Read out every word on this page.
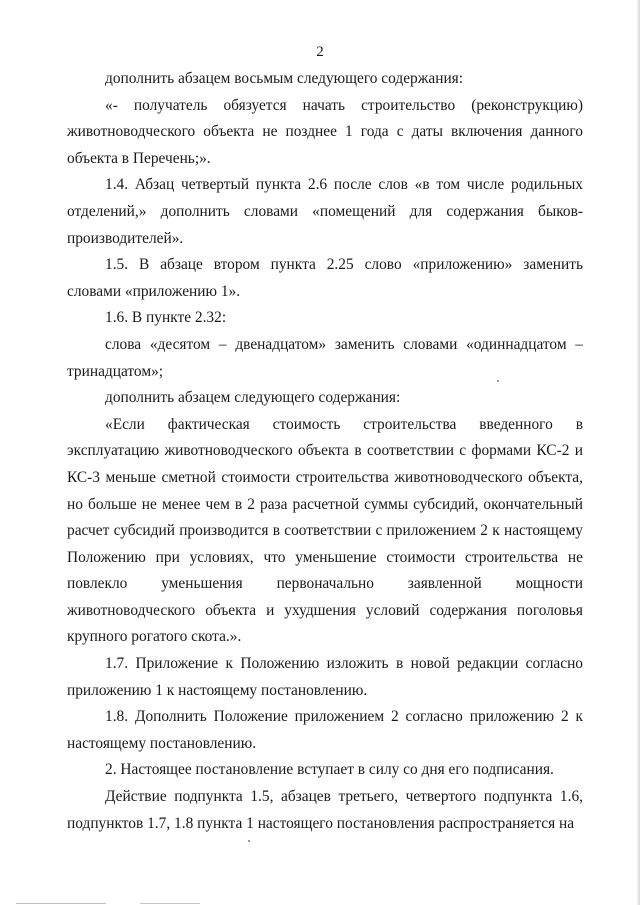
2

дополнить абзацем восьмым следующего содержания:

«- получатель обязуется начать строительство (реконструкцию) животноводческого объекта не позднее 1 года с даты включения данного объекта в Перечень;».

1.4. Абзац четвертый пункта 2.6 после слов «в том числе родильных отделений,» дополнить словами «помещений для содержания быков-производителей».

1.5. В абзаце втором пункта 2.25 слово «приложению» заменить словами «приложению 1».

1.6. В пункте 2.32:

слова «десятом – двенадцатом» заменить словами «одиннадцатом – тринадцатом»;

дополнить абзацем следующего содержания:

«Если фактическая стоимость строительства введенного в эксплуатацию животноводческого объекта в соответствии с формами КС-2 и КС-3 меньше сметной стоимости строительства животноводческого объекта, но больше не менее чем в 2 раза расчетной суммы субсидий, окончательный расчет субсидий производится в соответствии с приложением 2 к настоящему Положению при условиях, что уменьшение стоимости строительства не повлекло уменьшения первоначально заявленной мощности животноводческого объекта и ухудшения условий содержания поголовья крупного рогатого скота.».

1.7. Приложение к Положению изложить в новой редакции согласно приложению 1 к настоящему постановлению.

1.8. Дополнить Положение приложением 2 согласно приложению 2 к настоящему постановлению.

2. Настоящее постановление вступает в силу со дня его подписания.

Действие подпункта 1.5, абзацев третьего, четвертого подпункта 1.6, подпунктов 1.7, 1.8 пункта 1 настоящего постановления распространяется на
